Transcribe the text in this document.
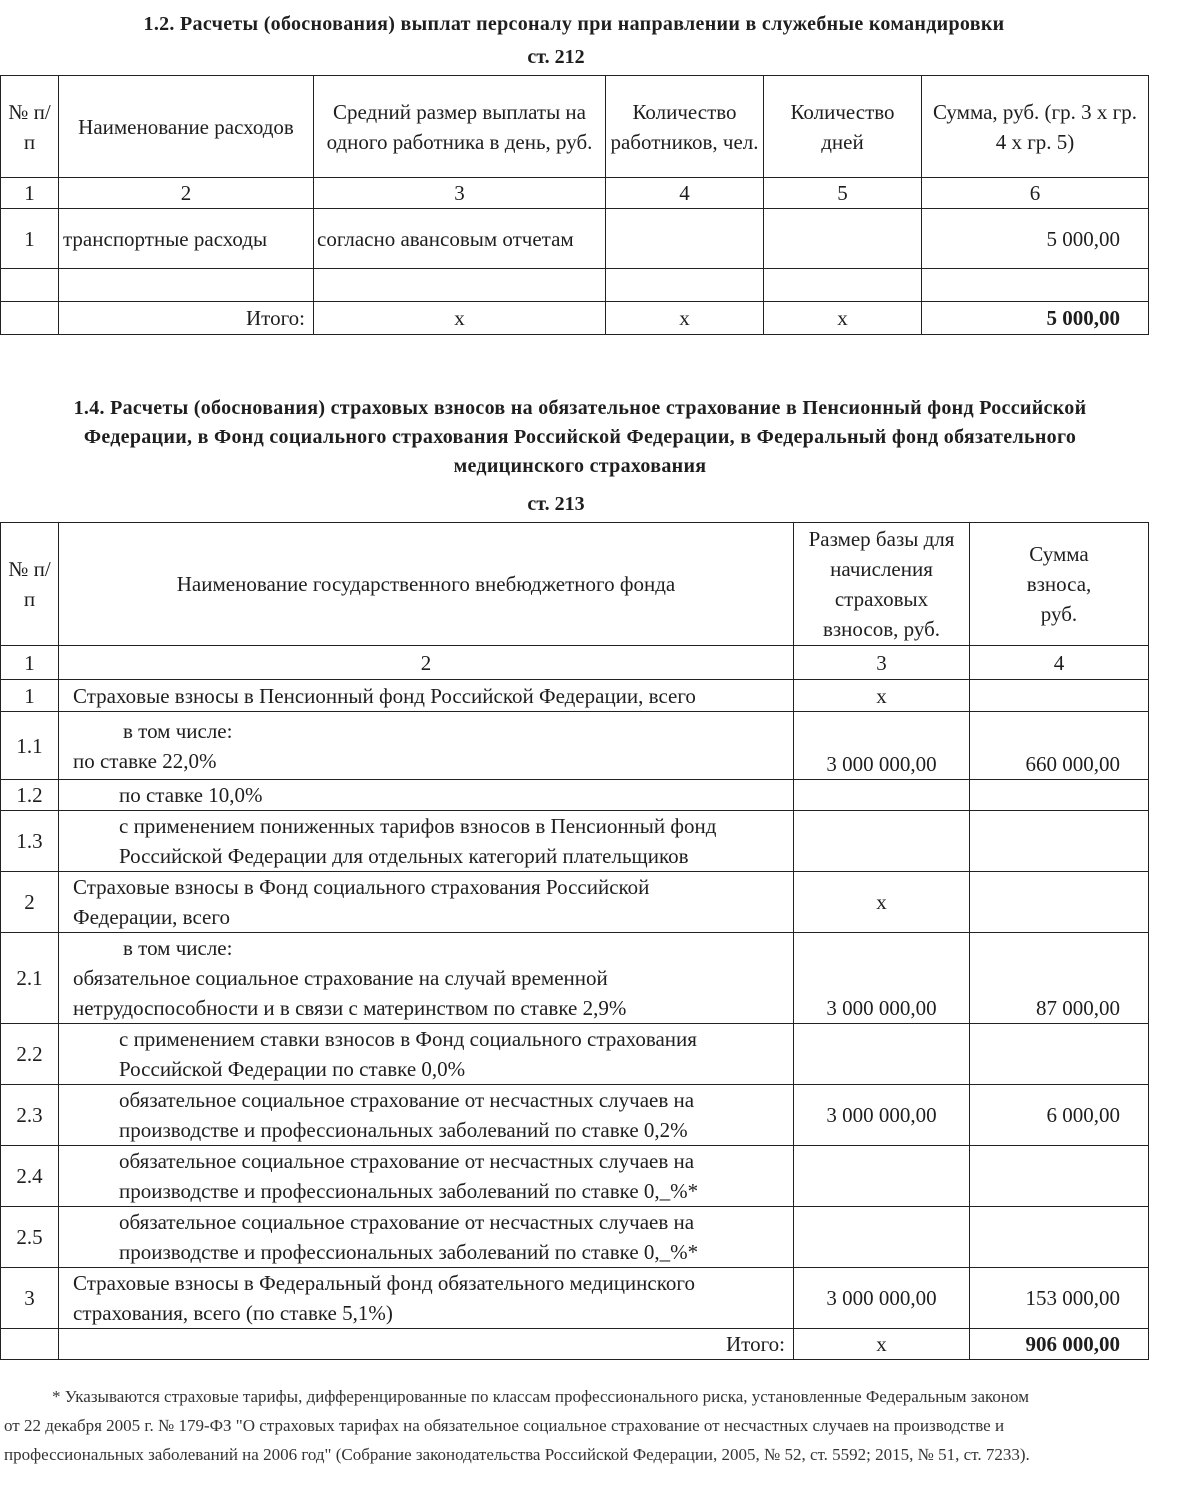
1.2. Расчеты (обоснования) выплат персоналу при направлении в служебные командировки
ст. 212
№ п/п	Наименование расходов	Средний размер выплаты на одного работника в день, руб.	Количество работников, чел.	Количество дней	Сумма, руб. (гр. 3 х гр. 4 х гр. 5)
1	2	3	4	5	6
1	транспортные расходы	согласно авансовым отчетам			5 000,00

	Итого:	х	х	х	5 000,00
1.4. Расчеты (обоснования) страховых взносов на обязательное страхование в Пенсионный фонд Российской
Федерации, в Фонд социального страхования Российской Федерации, в Федеральный фонд обязательного
медицинского страхования
ст. 213
№ п/п	Наименование государственного внебюджетного фонда	Размер базы для начисления страховых взносов, руб.	Сумма взноса, руб.
1	2	3	4
1	Страховые взносы в Пенсионный фонд Российской Федерации, всего	х	
1.1	в том числе:
по ставке 22,0%	3 000 000,00	660 000,00
1.2	по ставке 10,0%		
1.3	с применением пониженных тарифов взносов в Пенсионный фонд
Российской Федерации для отдельных категорий плательщиков		

2	Страховые взносы в Фонд социального страхования Российской
Федерации, всего	х	
2.1	в том числе:
обязательное социальное страхование на случай временной
нетрудоспособности и в связи с материнством по ставке 2,9%	3 000 000,00	87 000,00
2.2	с применением ставки взносов в Фонд социального страхования
Российской Федерации по ставке 0,0%		

2.3	обязательное социальное страхование от несчастных случаев на
производстве и профессиональных заболеваний по ставке 0,2%	3 000 000,00	6 000,00
2.4	обязательное социальное страхование от несчастных случаев на
производстве и профессиональных заболеваний по ставке 0,_%*		

2.5	обязательное социальное страхование от несчастных случаев на
производстве и профессиональных заболеваний по ставке 0,_%*		

3	Страховые взносы в Федеральный фонд обязательного медицинского
страхования, всего (по ставке 5,1%)	3 000 000,00	153 000,00
	Итого:	х	906 000,00
* Указываются страховые тарифы, дифференцированные по классам профессионального риска, установленные Федеральным законом
от 22 декабря 2005 г. № 179-ФЗ "О страховых тарифах на обязательное социальное страхование от несчастных случаев на производстве и
профессиональных заболеваний на 2006 год" (Собрание законодательства Российской Федерации, 2005, № 52, ст. 5592; 2015, № 51, ст. 7233).
